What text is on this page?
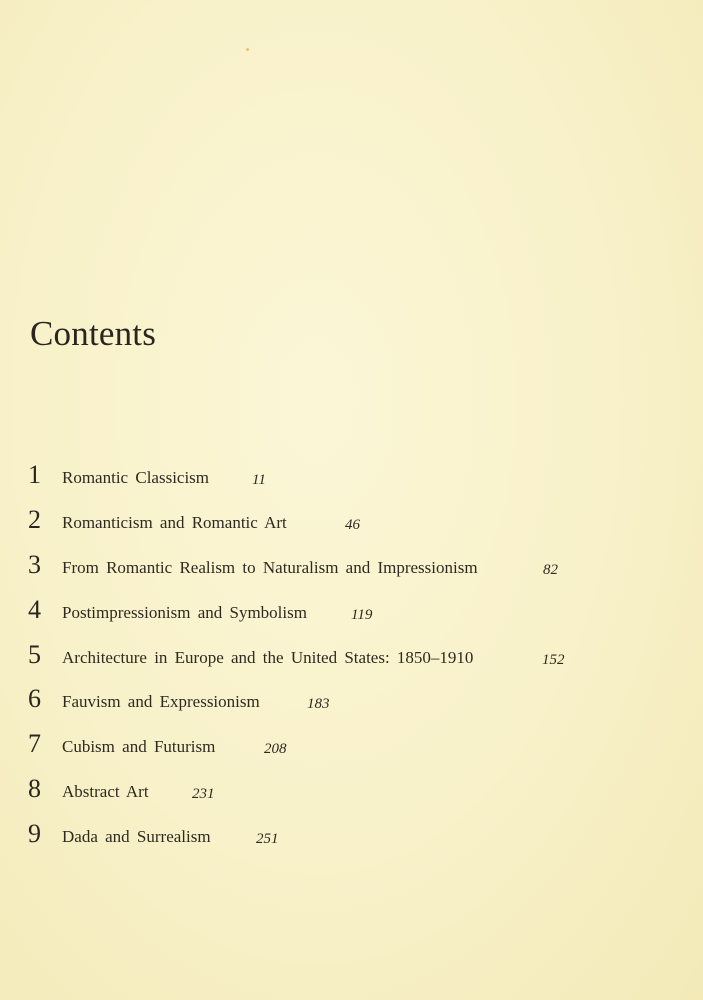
Contents
1	Romantic Classicism	11
2	Romanticism and Romantic Art	46
3	From Romantic Realism to Naturalism and Impressionism	82
4	Postimpressionism and Symbolism	119
5	Architecture in Europe and the United States: 1850–1910	152
6	Fauvism and Expressionism	183
7	Cubism and Futurism	208
8	Abstract Art	231
9	Dada and Surrealism	251
